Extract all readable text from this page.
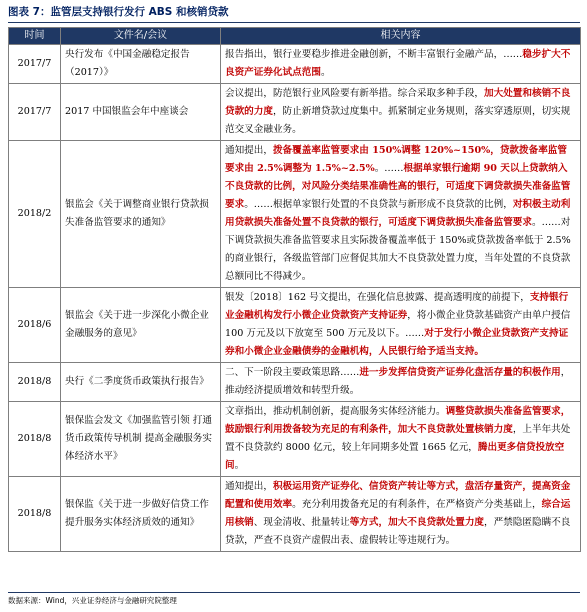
图表 7：监管层支持银行发行 ABS 和核销贷款
时间	文件名/会议	相关内容
2017/7	央行发布《中国金融稳定报告（2017）》	报告指出，银行业要稳步推进金融创新，不断丰富银行金融产品，……稳步扩大不良资产证券化试点范围。
2017/7	2017 中国银监会年中座谈会	会议提出，防范银行业风险要有新举措。综合采取多种手段，加大处置和核销不良贷款的力度，防止新增贷款过度集中。抓紧制定业务规则，落实穿透原则，切实规范交叉金融业务。
2018/2	银监会《关于调整商业银行贷款损失准备监管要求的通知》	通知提出，拨备覆盖率监管要求由 150%调整 120%~150%，贷款拨备率监管要求由 2.5%调整为 1.5%~2.5%。……根据单家银行逾期 90 天以上贷款纳入不良贷款的比例，对风险分类结果准确性高的银行，可适度下调贷款损失准备监管要求。……根据单家银行处置的不良贷款与新形成不良贷款的比例，对积极主动利用贷款损失准备处置不良贷款的银行，可适度下调贷款损失准备监管要求。……对下调贷款损失准备监管要求且实际拨备覆盖率低于 150%或贷款拨备率低于 2.5%的商业银行，各级监管部门应督促其加大不良贷款处置力度，当年处置的不良贷款总额同比不得减少。
2018/6	银监会《关于进一步深化小微企业金融服务的意见》	银发〔2018〕162 号文提出，在强化信息披露、提高透明度的前提下，支持银行业金融机构发行小微企业贷款资产支持证券，将小微企业贷款基础资产由单户授信 100 万元及以下放宽至 500 万元及以下。……对于发行小微企业贷款资产支持证券和小微企业金融债券的金融机构，人民银行给予适当支持。
2018/8	央行《二季度货币政策执行报告》	二、下一阶段主要政策思路……进一步发挥信贷资产证券化盘活存量的积极作用，推动经济提质增效和转型升级。
2018/8	银保监会发文《加强监管引领 打通货币政策传导机制 提高金融服务实体经济水平》	文章指出，推动机制创新，提高服务实体经济能力。调整贷款损失准备监管要求，鼓励银行利用拨备较为充足的有利条件，加大不良贷款处置核销力度，上半年共处置不良贷款约 8000 亿元，较上年同期多处置 1665 亿元，腾出更多信贷投放空间。
2018/8	银保监《关于进一步做好信贷工作提升服务实体经济质效的通知》	通知提出，积极运用资产证券化、信贷资产转让等方式，盘活存量资产，提高资金配置和使用效率。充分利用拨备充足的有利条件，在严格资产分类基础上，综合运用核销、现金清收、批量转让等方式，加大不良贷款处置力度，严禁隐匿隐瞒不良贷款，严查不良资产虚假出表、虚假转让等违规行为。
数据来源：Wind，兴业证券经济与金融研究院整理
